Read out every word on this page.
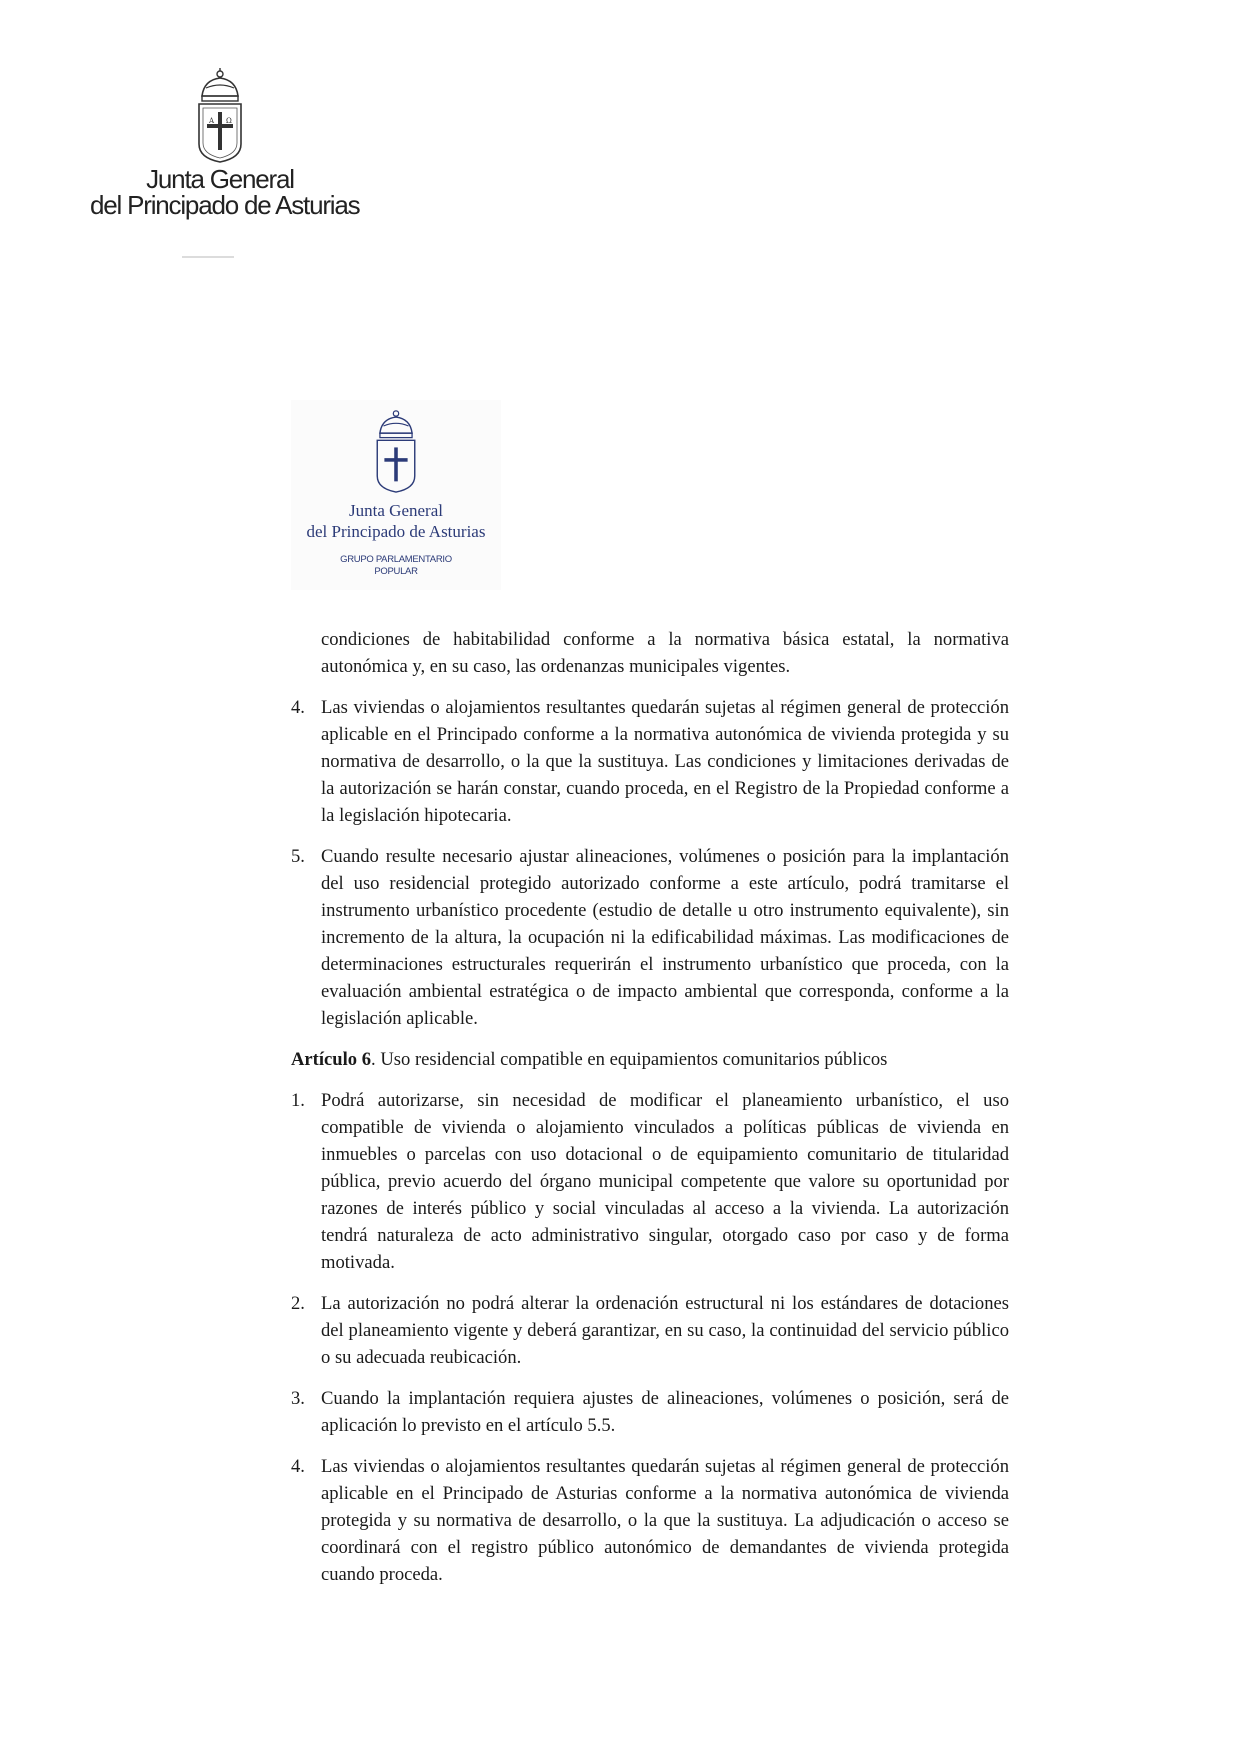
A Ω
Junta General
del Principado de Asturias
Junta General
del Principado de Asturias
GRUPO PARLAMENTARIO
POPULAR

condiciones de habitabilidad conforme a la normativa básica estatal, la normativa autonómica y, en su caso, las ordenanzas municipales vigentes.

4. Las viviendas o alojamientos resultantes quedarán sujetas al régimen general de protección aplicable en el Principado conforme a la normativa autonómica de vivienda protegida y su normativa de desarrollo, o la que la sustituya. Las condiciones y limitaciones derivadas de la autorización se harán constar, cuando proceda, en el Registro de la Propiedad conforme a la legislación hipotecaria.
5. Cuando resulte necesario ajustar alineaciones, volúmenes o posición para la implantación del uso residencial protegido autorizado conforme a este artículo, podrá tramitarse el instrumento urbanístico procedente (estudio de detalle u otro instrumento equivalente), sin incremento de la altura, la ocupación ni la edificabilidad máximas. Las modificaciones de determinaciones estructurales requerirán el instrumento urbanístico que proceda, con la evaluación ambiental estratégica o de impacto ambiental que corresponda, conforme a la legislación aplicable.

Artículo 6. Uso residencial compatible en equipamientos comunitarios públicos

1. Podrá autorizarse, sin necesidad de modificar el planeamiento urbanístico, el uso compatible de vivienda o alojamiento vinculados a políticas públicas de vivienda en inmuebles o parcelas con uso dotacional o de equipamiento comunitario de titularidad pública, previo acuerdo del órgano municipal competente que valore su oportunidad por razones de interés público y social vinculadas al acceso a la vivienda. La autorización tendrá naturaleza de acto administrativo singular, otorgado caso por caso y de forma motivada.
2. La autorización no podrá alterar la ordenación estructural ni los estándares de dotaciones del planeamiento vigente y deberá garantizar, en su caso, la continuidad del servicio público o su adecuada reubicación.
3. Cuando la implantación requiera ajustes de alineaciones, volúmenes o posición, será de aplicación lo previsto en el artículo 5.5.
4. Las viviendas o alojamientos resultantes quedarán sujetas al régimen general de protección aplicable en el Principado de Asturias conforme a la normativa autonómica de vivienda protegida y su normativa de desarrollo, o la que la sustituya. La adjudicación o acceso se coordinará con el registro público autonómico de demandantes de vivienda protegida cuando proceda.
